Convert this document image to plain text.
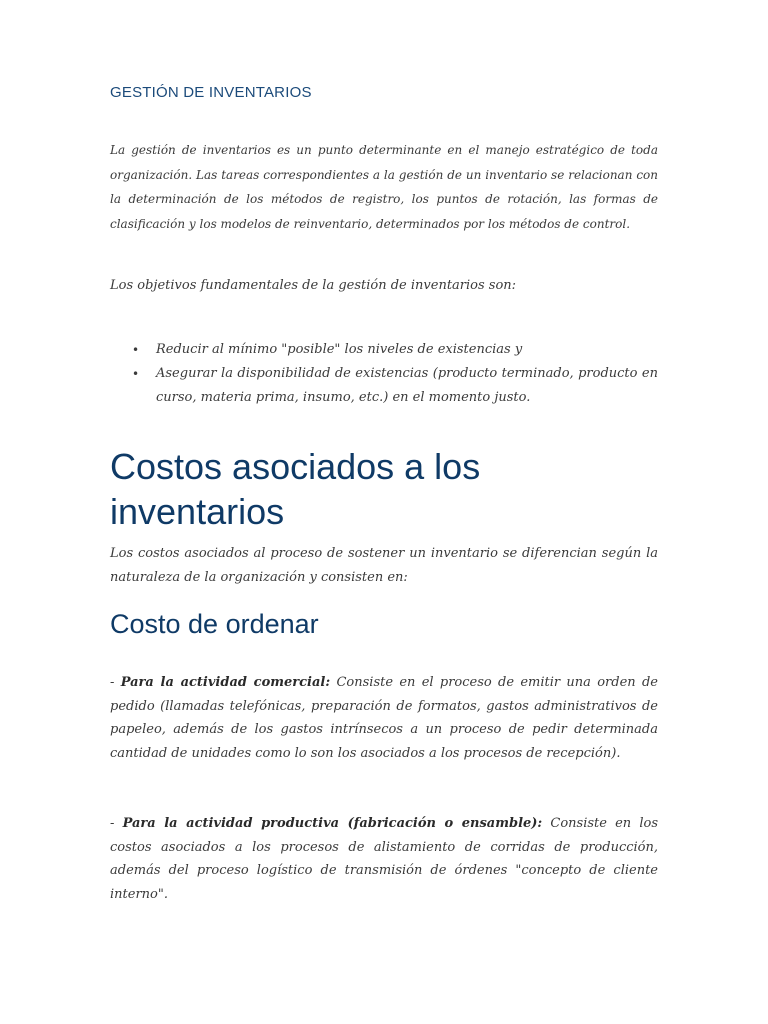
GESTIÓN DE INVENTARIOS
La gestión de inventarios es un punto determinante en el manejo estratégico de toda organización. Las tareas correspondientes a la gestión de un inventario se relacionan con la determinación de los métodos de registro, los puntos de rotación, las formas de clasificación y los modelos de reinventario, determinados por los métodos de control.
Los objetivos fundamentales de la gestión de inventarios son:
• Reducir al mínimo "posible" los niveles de existencias y
• Asegurar la disponibilidad de existencias (producto terminado, producto en curso, materia prima, insumo, etc.) en el momento justo.
Costos asociados a los inventarios
Los costos asociados al proceso de sostener un inventario se diferencian según la naturaleza de la organización y consisten en:
Costo de ordenar
- Para la actividad comercial: Consiste en el proceso de emitir una orden de pedido (llamadas telefónicas, preparación de formatos, gastos administrativos de papeleo, además de los gastos intrínsecos a un proceso de pedir determinada cantidad de unidades como lo son los asociados a los procesos de recepción).
- Para la actividad productiva (fabricación o ensamble): Consiste en los costos asociados a los procesos de alistamiento de corridas de producción, además del proceso logístico de transmisión de órdenes "concepto de cliente interno".
